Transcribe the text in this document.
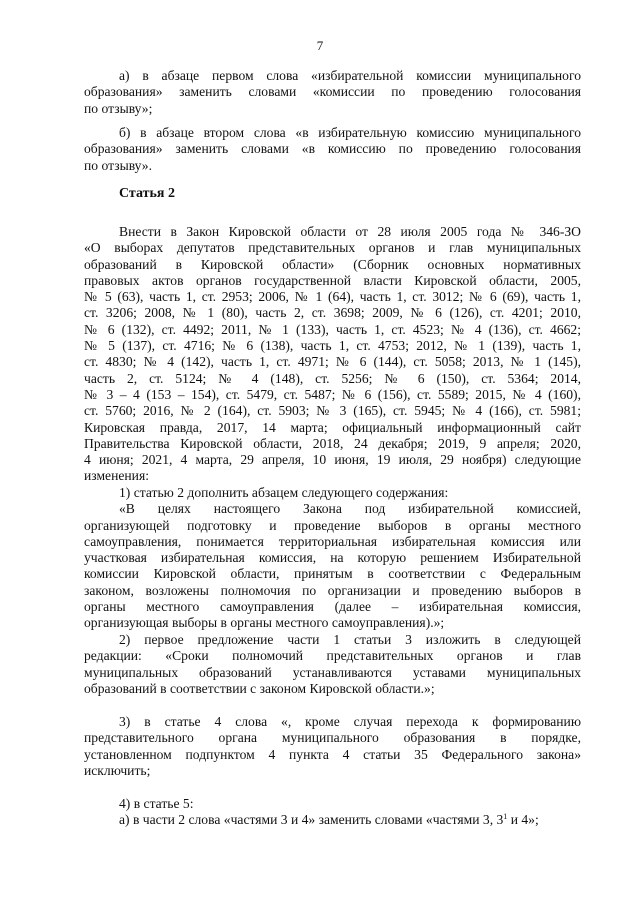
7
а) в абзаце первом слова «избирательной комиссии муниципального
образования» заменить словами «комиссии по проведению голосования
по отзыву»;
б) в абзаце втором слова «в избирательную комиссию муниципального
образования» заменить словами «в комиссию по проведению голосования
по отзыву».
Статья 2
Внести в Закон Кировской области от 28 июля 2005 года № 346-ЗО
«О выборах депутатов представительных органов и глав муниципальных
образований в Кировской области» (Сборник основных нормативных
правовых актов органов государственной власти Кировской области, 2005,
№ 5 (63), часть 1, ст. 2953; 2006, № 1 (64), часть 1, ст. 3012; № 6 (69), часть 1,
ст. 3206; 2008, № 1 (80), часть 2, ст. 3698; 2009, № 6 (126), ст. 4201; 2010,
№ 6 (132), ст. 4492; 2011, № 1 (133), часть 1, ст. 4523; № 4 (136), ст. 4662;
№ 5 (137), ст. 4716; № 6 (138), часть 1, ст. 4753; 2012, № 1 (139), часть 1,
ст. 4830; № 4 (142), часть 1, ст. 4971; № 6 (144), ст. 5058; 2013, № 1 (145),
часть 2, ст. 5124; № 4 (148), ст. 5256; № 6 (150), ст. 5364; 2014,
№ 3 – 4 (153 – 154), ст. 5479, ст. 5487; № 6 (156), ст. 5589; 2015, № 4 (160),
ст. 5760; 2016, № 2 (164), ст. 5903; № 3 (165), ст. 5945; № 4 (166), ст. 5981;
Кировская правда, 2017, 14 марта; официальный информационный сайт
Правительства Кировской области, 2018, 24 декабря; 2019, 9 апреля; 2020,
4 июня; 2021, 4 марта, 29 апреля, 10 июня, 19 июля, 29 ноября) следующие
изменения:
1) статью 2 дополнить абзацем следующего содержания:
«В целях настоящего Закона под избирательной комиссией,
организующей подготовку и проведение выборов в органы местного
самоуправления, понимается территориальная избирательная комиссия или
участковая избирательная комиссия, на которую решением Избирательной
комиссии Кировской области, принятым в соответствии с Федеральным
законом, возложены полномочия по организации и проведению выборов в
органы местного самоуправления (далее – избирательная комиссия,
организующая выборы в органы местного самоуправления).»;
2) первое предложение части 1 статьи 3 изложить в следующей
редакции: «Сроки полномочий представительных органов и глав
муниципальных образований устанавливаются уставами муниципальных
образований в соответствии с законом Кировской области.»;
3) в статье 4 слова «, кроме случая перехода к формированию
представительного органа муниципального образования в порядке,
установленном подпунктом 4 пункта 4 статьи 35 Федерального закона»
исключить;
4) в статье 5:
а) в части 2 слова «частями 3 и 4» заменить словами «частями 3, $3^1$ и 4»;
